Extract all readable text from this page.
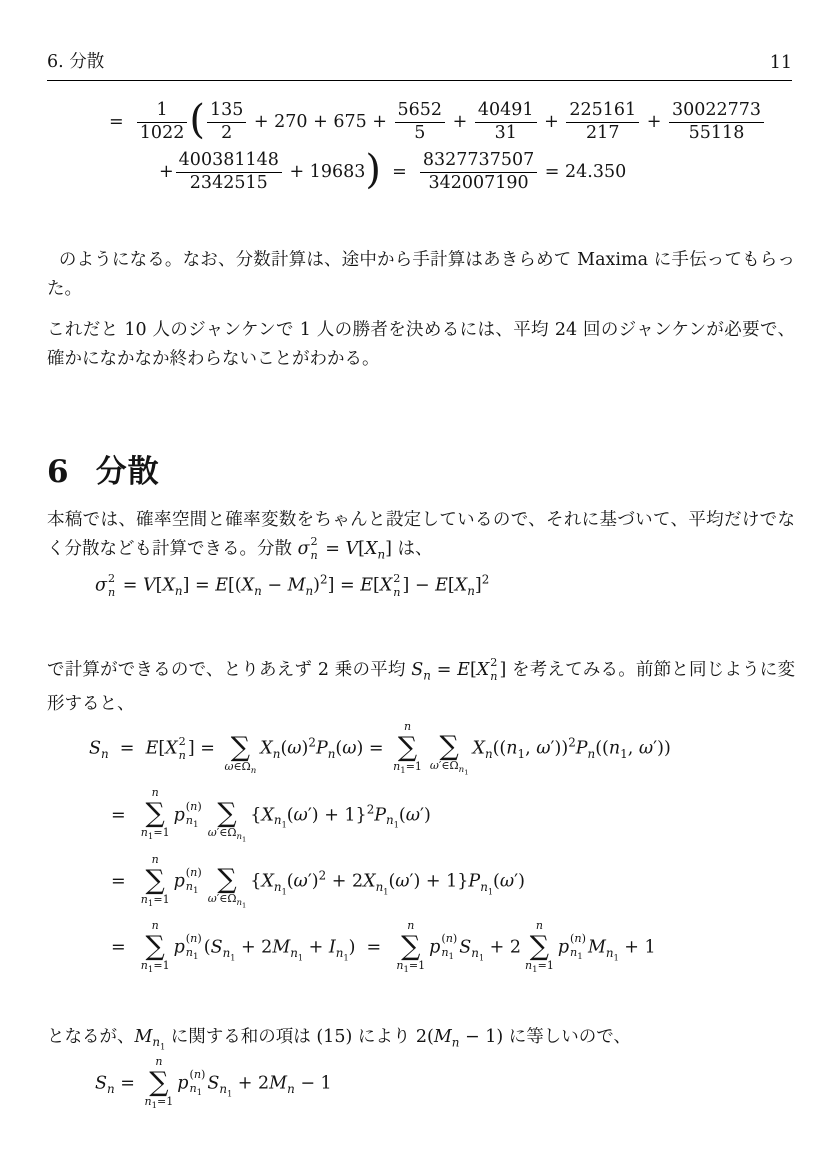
6. 分散	11
= $\frac{1}{1022}$ ( $\frac{135}{2} + 270 + 675 + \frac{5652}{5} + \frac{40491}{31} + \frac{225161}{217} + \frac{30022773}{55118}$
+ $\frac{400381148}{2342515} + 19683) = \frac{8327737507}{342007190} = 24.350$

のようになる。なお、分数計算は、途中から手計算はあきらめて Maxima に手伝ってもらった。

これだと 10 人のジャンケンで 1 人の勝者を決めるには、平均 24 回のジャンケンが必要で、確かになかなか終わらないことがわかる。

6 分散

本稿では、確率空間と確率変数をちゃんと設定しているので、それに基づいて、平均だけでなく分散なども計算できる。分散 σ 2
$n = V[X_n]$ は、

σ 2
$n = V[X_n] = E[(X_n - M_n)^2] = E[X$ 2
n ] − $E[X_n]^2$

で計算ができるので、とりあえず 2 乗の平均 $S_n = E[X$ 2
n ] を考えてみる。前節と同じように変形すると、

$S_n = E[X$ 2
n ] =
∑
$\omega\in\Omega_n$
$X_n(\omega)^2P_n(\omega)$ =
n
∑
$n_1=1$

∑
$\omega'\in\Omega_{n_1}$
$X_n((n_1$, $\omega'))^2P_n((n_1$, ω′))
=
n
∑
$n_1=1$
p (n)
$n_1$
∑
$\omega'\in\Omega_{n_1}$
$\{X_{n_1}(\omega') + 1\}^2P_{n_1}(\omega')$
=
n
∑
$n_1=1$
p (n)
$n_1$
∑
$\omega'\in\Omega_{n_1}$
$\{X_{n_1}(\omega')^2 + 2X_{n_1}(\omega') + 1\}P_{n_1}(\omega')$
=
n
∑
$n_1=1$
p (n)
$n_1$
$(S_{n_1} + 2M_{n_1} + I_{n_1})$  =
n
∑
$n_1=1$
p (n)
$n_1$
$S_{n_1} + 2$
n
∑
$n_1=1$
p (n)
$n_1$
$M_{n_1} + 1$

となるが、$M_{n_1}$ に関する和の項は (15) により $2(M_n - 1)$ に等しいので、

$S_n$ =
n
∑
$n_1=1$
p (n)
$n_1$
$S_{n_1} + 2M_n - 1$
